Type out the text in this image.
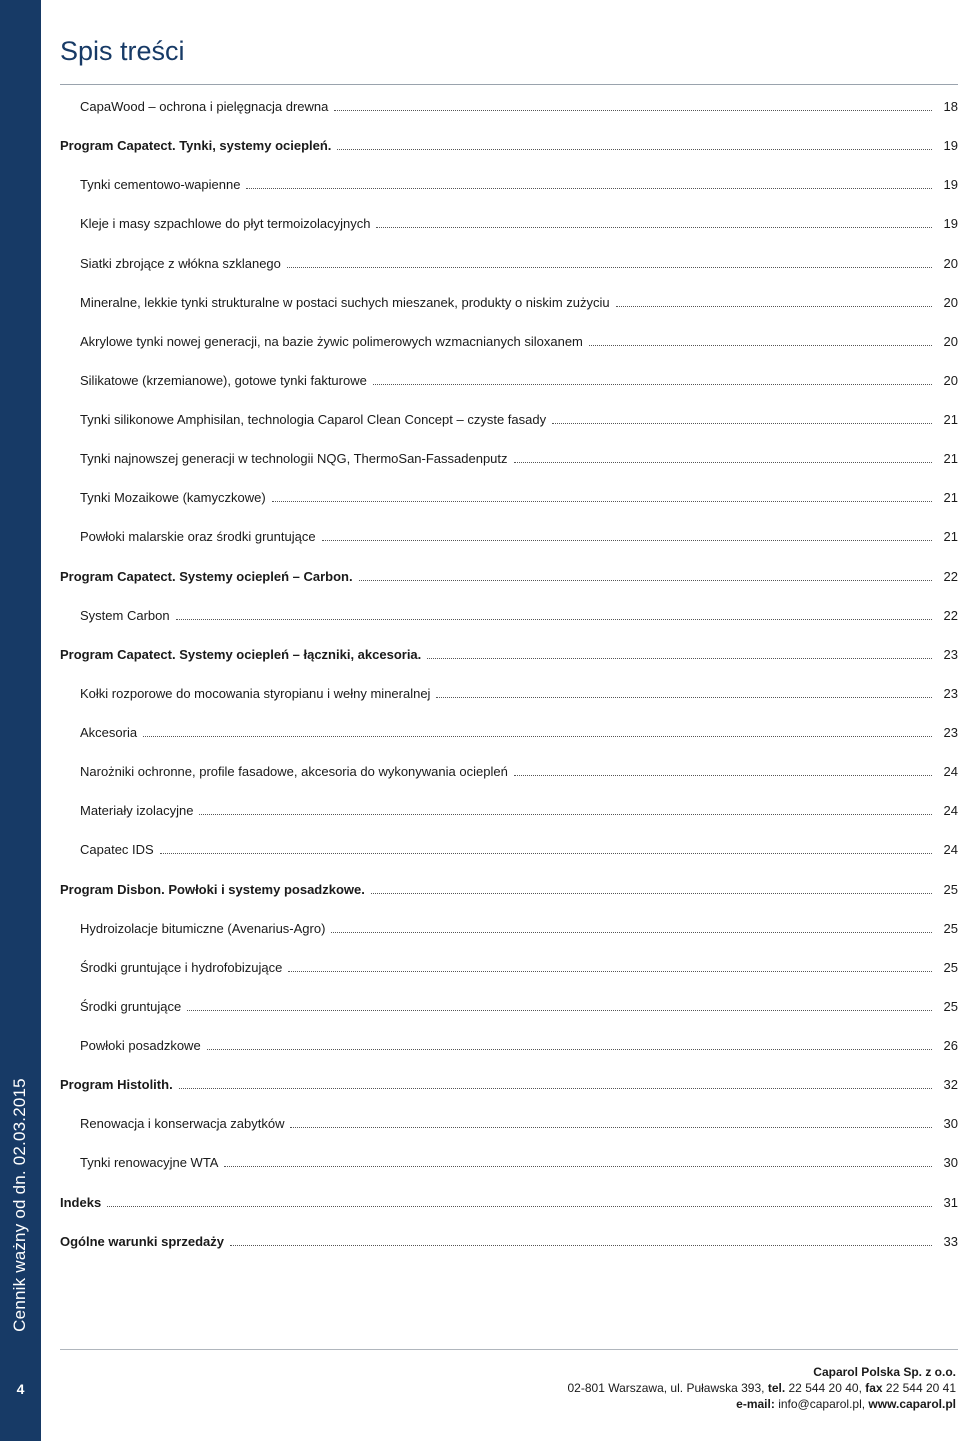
Cennik ważny od dn. 02.03.2015
4
Spis treści
CapaWood – ochrona i pielęgnacja drewna	18
Program Capatect. Tynki, systemy ociepleń.	19
Tynki cementowo-wapienne	19
Kleje i masy szpachlowe do płyt termoizolacyjnych	19
Siatki zbrojące z włókna szklanego	20
Mineralne, lekkie tynki strukturalne w postaci suchych mieszanek, produkty o niskim zużyciu	20
Akrylowe tynki nowej generacji, na bazie żywic polimerowych wzmacnianych siloxanem	20
Silikatowe (krzemianowe), gotowe tynki fakturowe	20
Tynki silikonowe Amphisilan, technologia Caparol Clean Concept – czyste fasady	21
Tynki najnowszej generacji w technologii NQG, ThermoSan-Fassadenputz	21
Tynki Mozaikowe (kamyczkowe)	21
Powłoki malarskie oraz środki gruntujące	21
Program Capatect. Systemy ociepleń – Carbon.	22
System Carbon	22
Program Capatect. Systemy ociepleń – łączniki, akcesoria.	23
Kołki rozporowe do mocowania styropianu i wełny mineralnej	23
Akcesoria	23
Narożniki ochronne, profile fasadowe, akcesoria do wykonywania ociepleń	24
Materiały izolacyjne	24
Capatec IDS	24
Program Disbon. Powłoki i systemy posadzkowe.	25
Hydroizolacje bitumiczne (Avenarius-Agro)	25
Środki gruntujące i hydrofobizujące	25
Środki gruntujące	25
Powłoki posadzkowe	26
Program Histolith.	32
Renowacja i konserwacja zabytków	30
Tynki renowacyjne WTA	30
Indeks	31
Ogólne warunki sprzedaży	33
Caparol Polska Sp. z o.o.
02-801 Warszawa, ul. Puławska 393, tel. 22 544 20 40, fax 22 544 20 41
e-mail: info@caparol.pl, www.caparol.pl
